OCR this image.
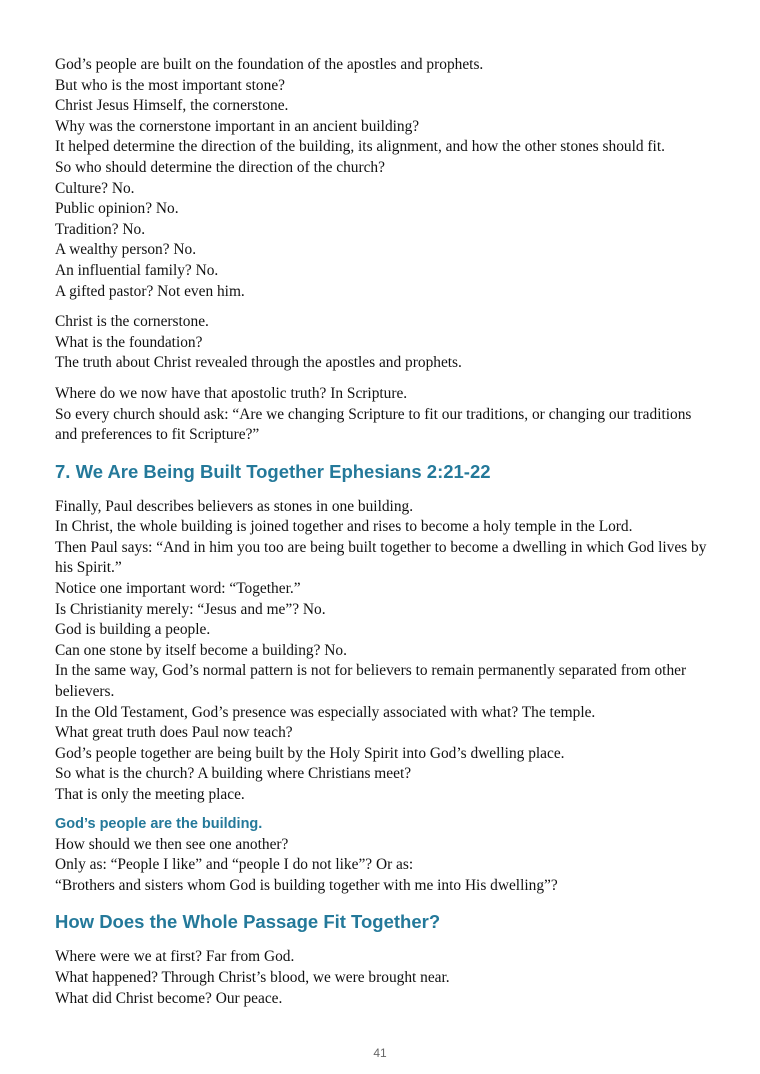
God’s people are built on the foundation of the apostles and prophets.

But who is the most important stone?

Christ Jesus Himself, the cornerstone.

Why was the cornerstone important in an ancient building?

It helped determine the direction of the building, its alignment, and how the other stones should fit.

So who should determine the direction of the church?

Culture? No.

Public opinion? No.

Tradition? No.

A wealthy person? No.

An influential family? No.

A gifted pastor? Not even him.

Christ is the cornerstone.

What is the foundation?

The truth about Christ revealed through the apostles and prophets.

Where do we now have that apostolic truth? In Scripture.

So every church should ask: “Are we changing Scripture to fit our traditions, or changing our traditions and preferences to fit Scripture?”

7. We Are Being Built Together Ephesians 2:21-22

Finally, Paul describes believers as stones in one building.

In Christ, the whole building is joined together and rises to become a holy temple in the Lord.

Then Paul says: “And in him you too are being built together to become a dwelling in which God lives by his Spirit.”

Notice one important word: “Together.”

Is Christianity merely: “Jesus and me”? No.

God is building a people.

Can one stone by itself become a building? No.

In the same way, God’s normal pattern is not for believers to remain permanently separated from other believers.

In the Old Testament, God’s presence was especially associated with what? The temple.

What great truth does Paul now teach?

God’s people together are being built by the Holy Spirit into God’s dwelling place.

So what is the church? A building where Christians meet?

That is only the meeting place.

God’s people are the building.

How should we then see one another?

Only as: “People I like” and “people I do not like”? Or as:

“Brothers and sisters whom God is building together with me into His dwelling”?

How Does the Whole Passage Fit Together?

Where were we at first? Far from God.

What happened? Through Christ’s blood, we were brought near.

What did Christ become? Our peace.

41
